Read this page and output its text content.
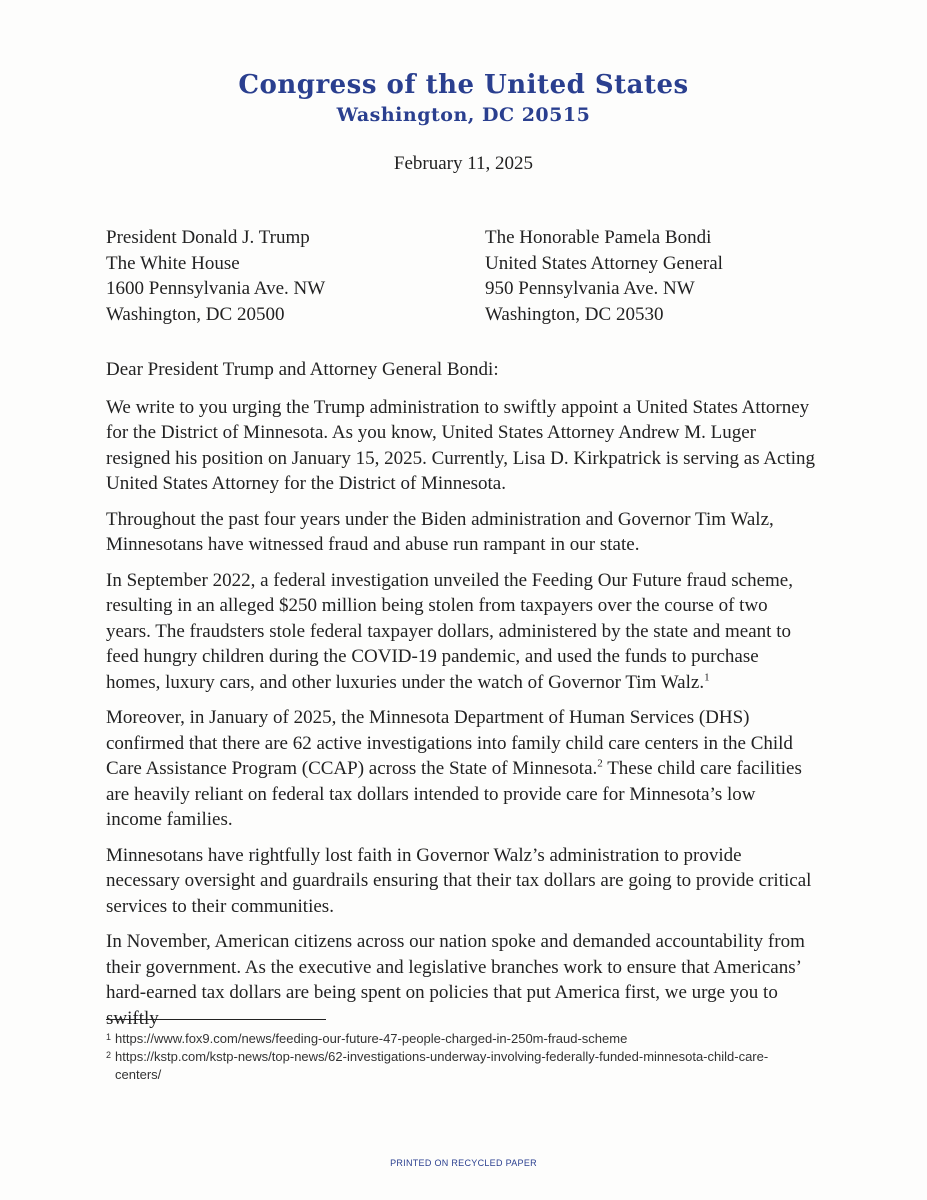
Congress of the United States
Washington, DC 20515
February 11, 2025
President Donald J. Trump
The White House
1600 Pennsylvania Ave. NW
Washington, DC 20500
The Honorable Pamela Bondi
United States Attorney General
950 Pennsylvania Ave. NW
Washington, DC 20530

Dear President Trump and Attorney General Bondi:

We write to you urging the Trump administration to swiftly appoint a United States Attorney for the District of Minnesota. As you know, United States Attorney Andrew M. Luger resigned his position on January 15, 2025. Currently, Lisa D. Kirkpatrick is serving as Acting United States Attorney for the District of Minnesota.

Throughout the past four years under the Biden administration and Governor Tim Walz, Minnesotans have witnessed fraud and abuse run rampant in our state.

In September 2022, a federal investigation unveiled the Feeding Our Future fraud scheme, resulting in an alleged $250 million being stolen from taxpayers over the course of two years. The fraudsters stole federal taxpayer dollars, administered by the state and meant to feed hungry children during the COVID-19 pandemic, and used the funds to purchase homes, luxury cars, and other luxuries under the watch of Governor Tim Walz.$^1$

Moreover, in January of 2025, the Minnesota Department of Human Services (DHS) confirmed that there are 62 active investigations into family child care centers in the Child Care Assistance Program (CCAP) across the State of Minnesota.$^2$ These child care facilities are heavily reliant on federal tax dollars intended to provide care for Minnesota’s low income families.

Minnesotans have rightfully lost faith in Governor Walz’s administration to provide necessary oversight and guardrails ensuring that their tax dollars are going to provide critical services to their communities.

In November, American citizens across our nation spoke and demanded accountability from their government. As the executive and legislative branches work to ensure that Americans’ hard-earned tax dollars are being spent on policies that put America first, we urge you to swiftly

1 https://www.fox9.com/news/feeding-our-future-47-people-charged-in-250m-fraud-scheme
2 https://kstp.com/kstp-news/top-news/62-investigations-underway-involving-federally-funded-minnesota-child-care-centers/
PRINTED ON RECYCLED PAPER
